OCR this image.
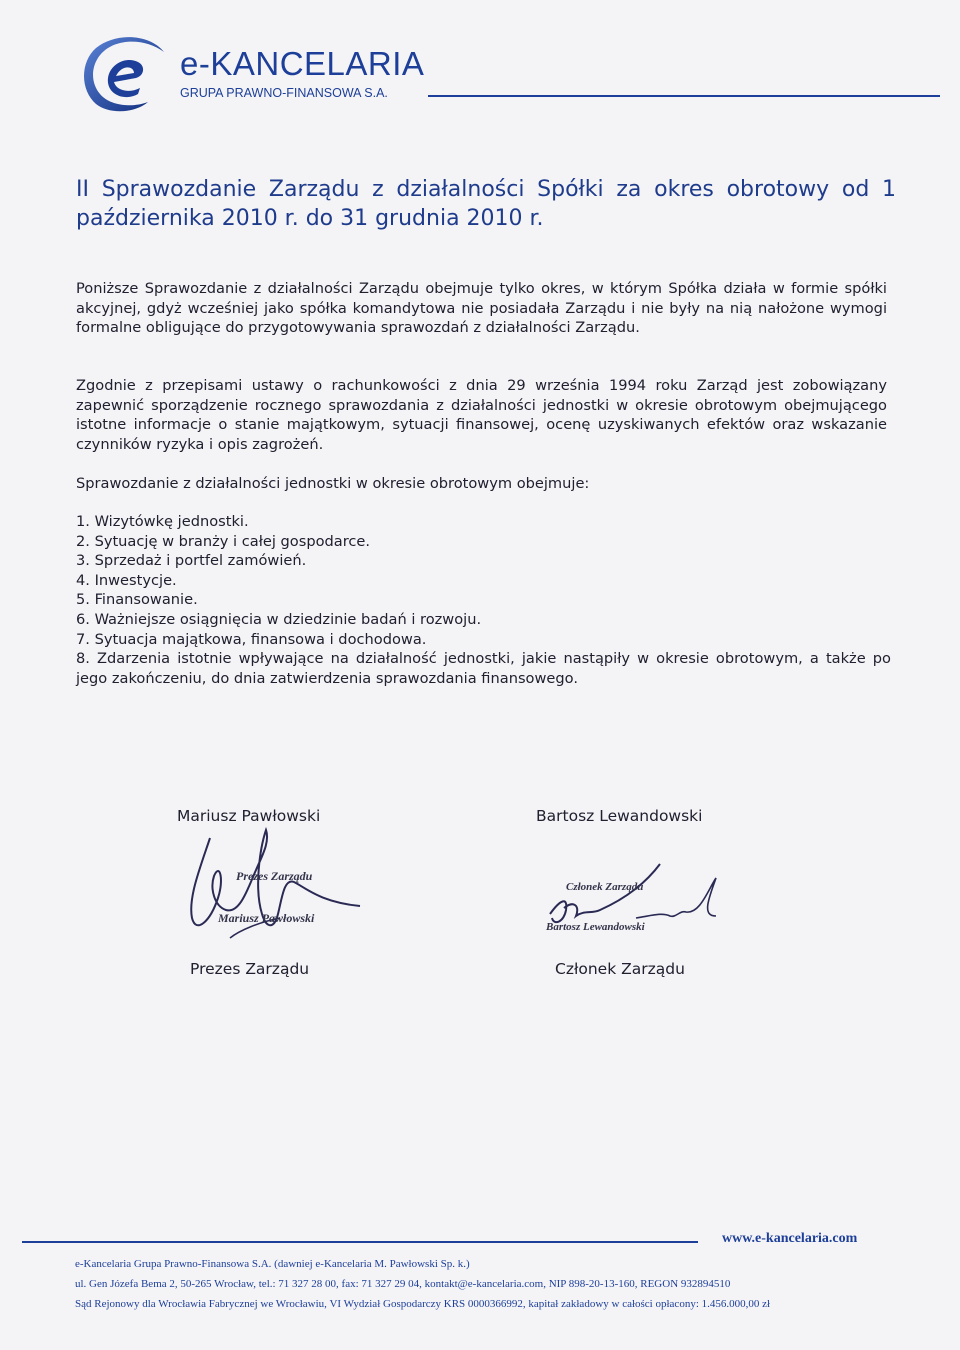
e-KANCELARIA
GRUPA PRAWNO-FINANSOWA S.A.
II Sprawozdanie Zarządu z działalności Spółki za okres obrotowy od 1 października 2010 r. do 31 grudnia 2010 r.

Poniższe Sprawozdanie z działalności Zarządu obejmuje tylko okres, w którym Spółka działa w formie spółki akcyjnej, gdyż wcześniej jako spółka komandytowa nie posiadała Zarządu i nie były na nią nałożone wymogi formalne obligujące do przygotowywania sprawozdań z działalności Zarządu.

Zgodnie z przepisami ustawy o rachunkowości z dnia 29 września 1994 roku Zarząd jest zobowiązany zapewnić sporządzenie rocznego sprawozdania z działalności jednostki w okresie obrotowym obejmującego istotne informacje o stanie majątkowym, sytuacji finansowej, ocenę uzyskiwanych efektów oraz wskazanie czynników ryzyka i opis zagrożeń.

Sprawozdanie z działalności jednostki w okresie obrotowym obejmuje:

1. Wizytówkę jednostki.
2. Sytuację w branży i całej gospodarce.
3. Sprzedaż i portfel zamówień.
4. Inwestycje.
5. Finansowanie.
6. Ważniejsze osiągnięcia w dziedzinie badań i rozwoju.
7. Sytuacja majątkowa, finansowa i dochodowa.
8. Zdarzenia istotnie wpływające na działalność jednostki, jakie nastąpiły w okresie obrotowym, a także po jego zakończeniu, do dnia zatwierdzenia sprawozdania finansowego.
Mariusz Pawłowski
Prezes Zarządu
Mariusz Pawłowski
Prezes Zarządu
Bartosz Lewandowski
Członek Zarządu
Bartosz Lewandowski
Członek Zarządu
www.e-kancelaria.com
e-Kancelaria Grupa Prawno-Finansowa S.A. (dawniej e-Kancelaria M. Pawłowski Sp. k.)
ul. Gen Józefa Bema 2, 50-265 Wrocław, tel.: 71 327 28 00, fax: 71 327 29 04, kontakt@e-kancelaria.com, NIP 898-20-13-160, REGON 932894510
Sąd Rejonowy dla Wrocławia Fabrycznej we Wrocławiu, VI Wydział Gospodarczy KRS 0000366992, kapitał zakładowy w całości opłacony: 1.456.000,00 zł
